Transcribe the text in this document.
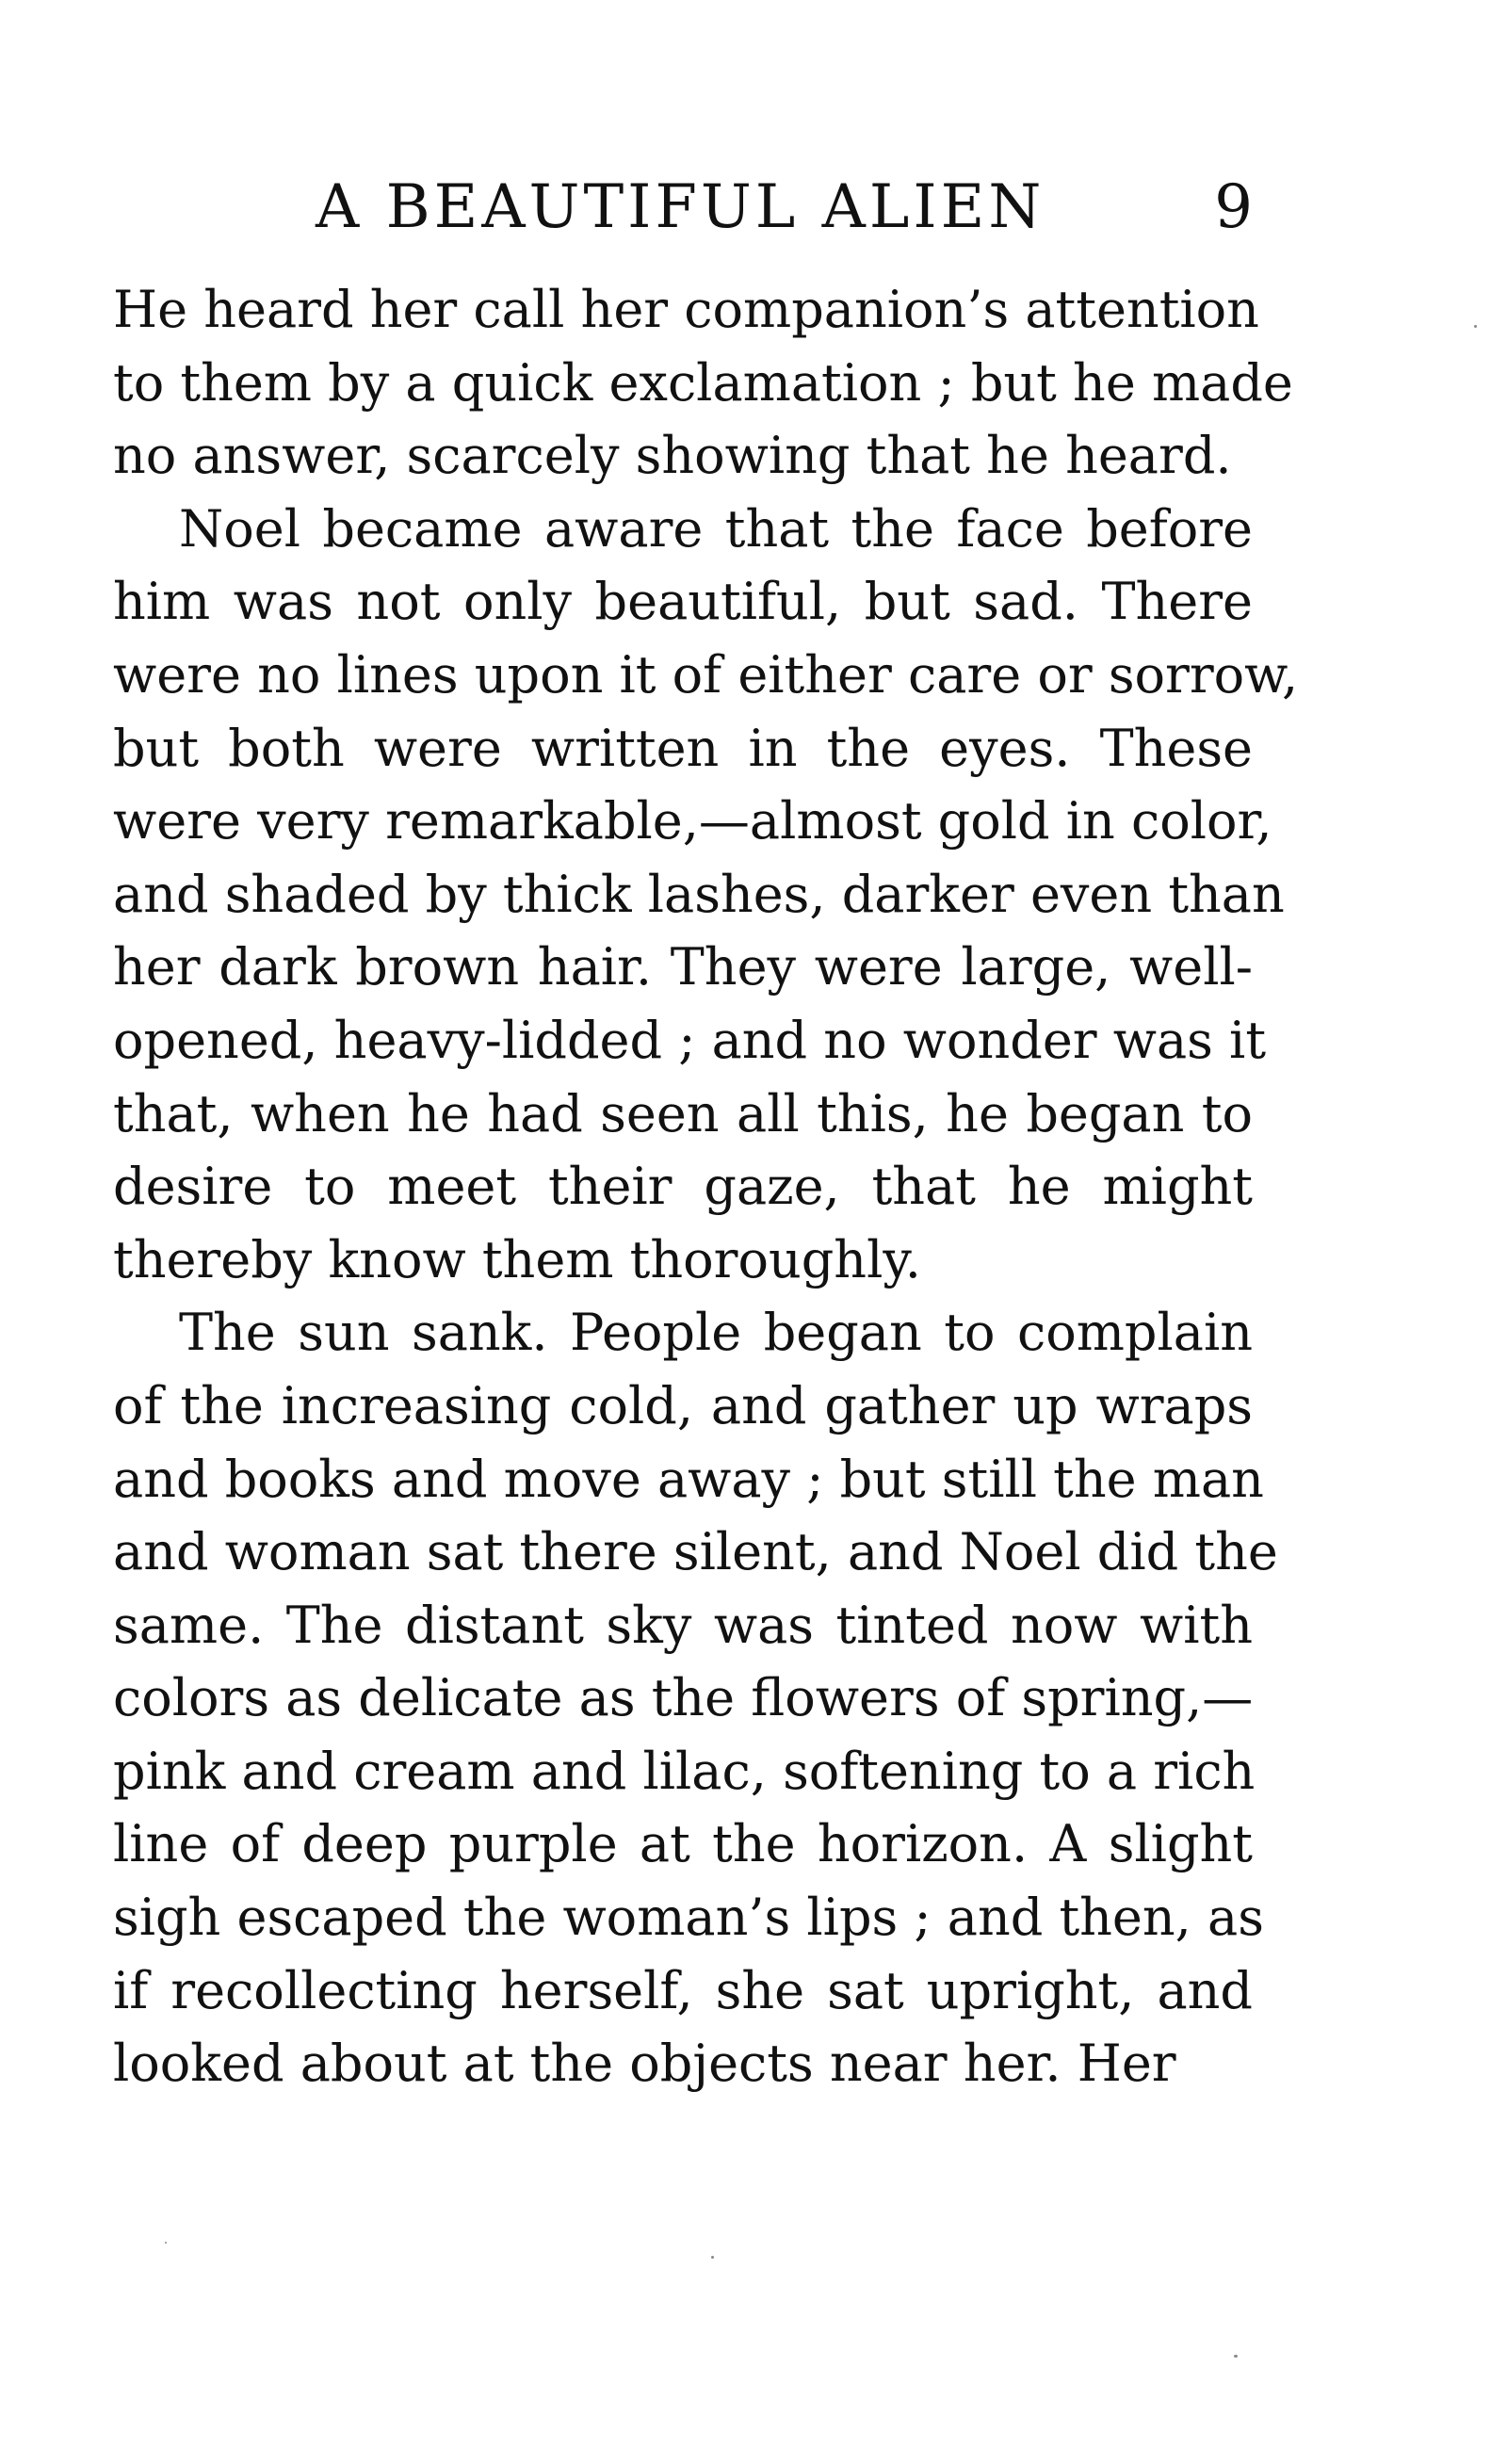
A BEAUTIFUL ALIEN	9

He heard her call her companion’s attention
to them by a quick exclamation ; but he made
no answer, scarcely showing that he heard.

Noel became aware that the face before
him was not only beautiful, but sad. There
were no lines upon it of either care or sorrow,
but both were written in the eyes. These
were very remarkable,—almost gold in color,
and shaded by thick lashes, darker even than
her dark brown hair. They were large, well-
opened, heavy-lidded ; and no wonder was it
that, when he had seen all this, he began to
desire to meet their gaze, that he might
thereby know them thoroughly.

The sun sank. People began to complain
of the increasing cold, and gather up wraps
and books and move away ; but still the man
and woman sat there silent, and Noel did the
same. The distant sky was tinted now with
colors as delicate as the flowers of spring,—
pink and cream and lilac, softening to a rich
line of deep purple at the horizon. A slight
sigh escaped the woman’s lips ; and then, as
if recollecting herself, she sat upright, and
looked about at the objects near her. Her
